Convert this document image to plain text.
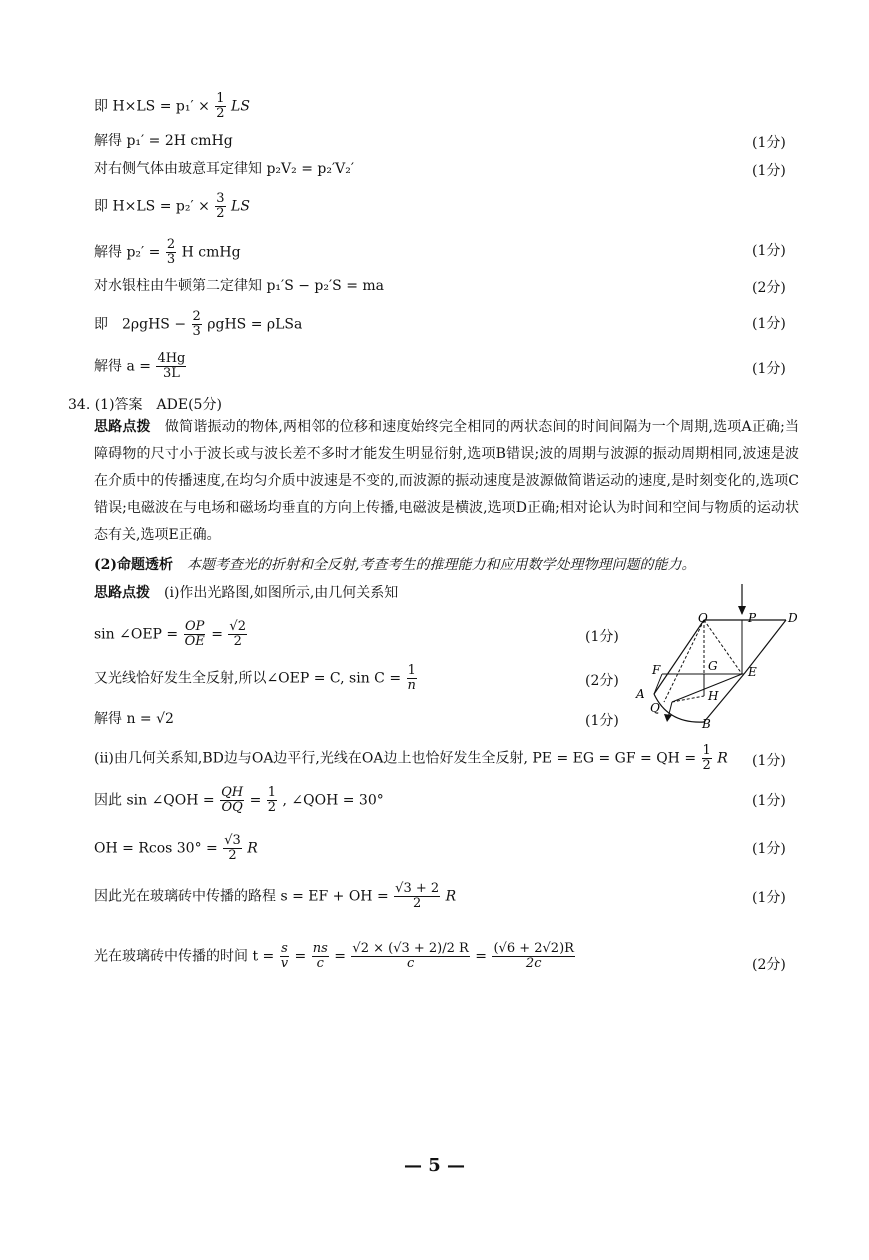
即 $H\times LS = p_1' \times \frac{1}{2}$ LS
解得 p₁′ = 2H cmHg	(1分)
对右侧气体由玻意耳定律知 p₂V₂ = p₂′V₂′	(1分)
即 $H\times LS = p_2' \times \frac{3}{2}$ LS
解得 $p_2' = \frac{2}{3}$ H cmHg	(1分)
对水银柱由牛顿第二定律知 p₁′S − p₂′S = ma	(2分)
即　$2\rho gHS - \frac{2}{3}$ ρgHS = ρLSa	(1分)
解得 $a = \frac{4Hg}{3L}$	(1分)
34. (1)答案　ADE(5分)
思路点拨　做简谐振动的物体,两相邻的位移和速度始终完全相同的两状态间的时间间隔为一个周期,选项A正确;当障碍物的尺寸小于波长或与波长差不多时才能发生明显衍射,选项B错误;波的周期与波源的振动周期相同,波速是波在介质中的传播速度,在均匀介质中波速是不变的,而波源的振动速度是波源做简谐运动的速度,是时刻变化的,选项C错误;电磁波在与电场和磁场均垂直的方向上传播,电磁波是横波,选项D正确;相对论认为时间和空间与物质的运动状态有关,选项E正确。
(2)命题透析　本题考查光的折射和全反射,考查考生的推理能力和应用数学处理物理问题的能力。
思路点拨　(ⅰ)作出光路图,如图所示,由几何关系知
sin ∠OEP = $\frac{OP}{OE} = \frac{√2}{2}$	(1分)
又光线恰好发生全反射,所以∠OEP = C, $\sin C = \frac{1}{n}$	(2分)
解得 n = √2	(1分)
O	P	D
F	G	E
A	H
Q
B
(ⅱ)由几何关系知,BD边与OA边平行,光线在OA边上也恰好发生全反射, PE = EG = GF = QH = $\frac{1}{2}$ R (1分)
因此 sin ∠QOH = $\frac{QH}{OQ} = \frac{1}{2}$ , ∠QOH = 30°	(1分)
OH = Rcos $30^\circ = \frac{√3}{2}$ R	(1分)
因此光在玻璃砖中传播的路程 s = EF + OH = $\frac{√3 + 2}{2}$ R	(1分)
光在玻璃砖中传播的时间 $t = \frac{s}{v} = \frac{ns}{c} = \frac{√2 \times (√3 + 2)/2 R}{c} = \frac{(√6 + 2√2)R}{2c}$	(2分)
— 5 —
